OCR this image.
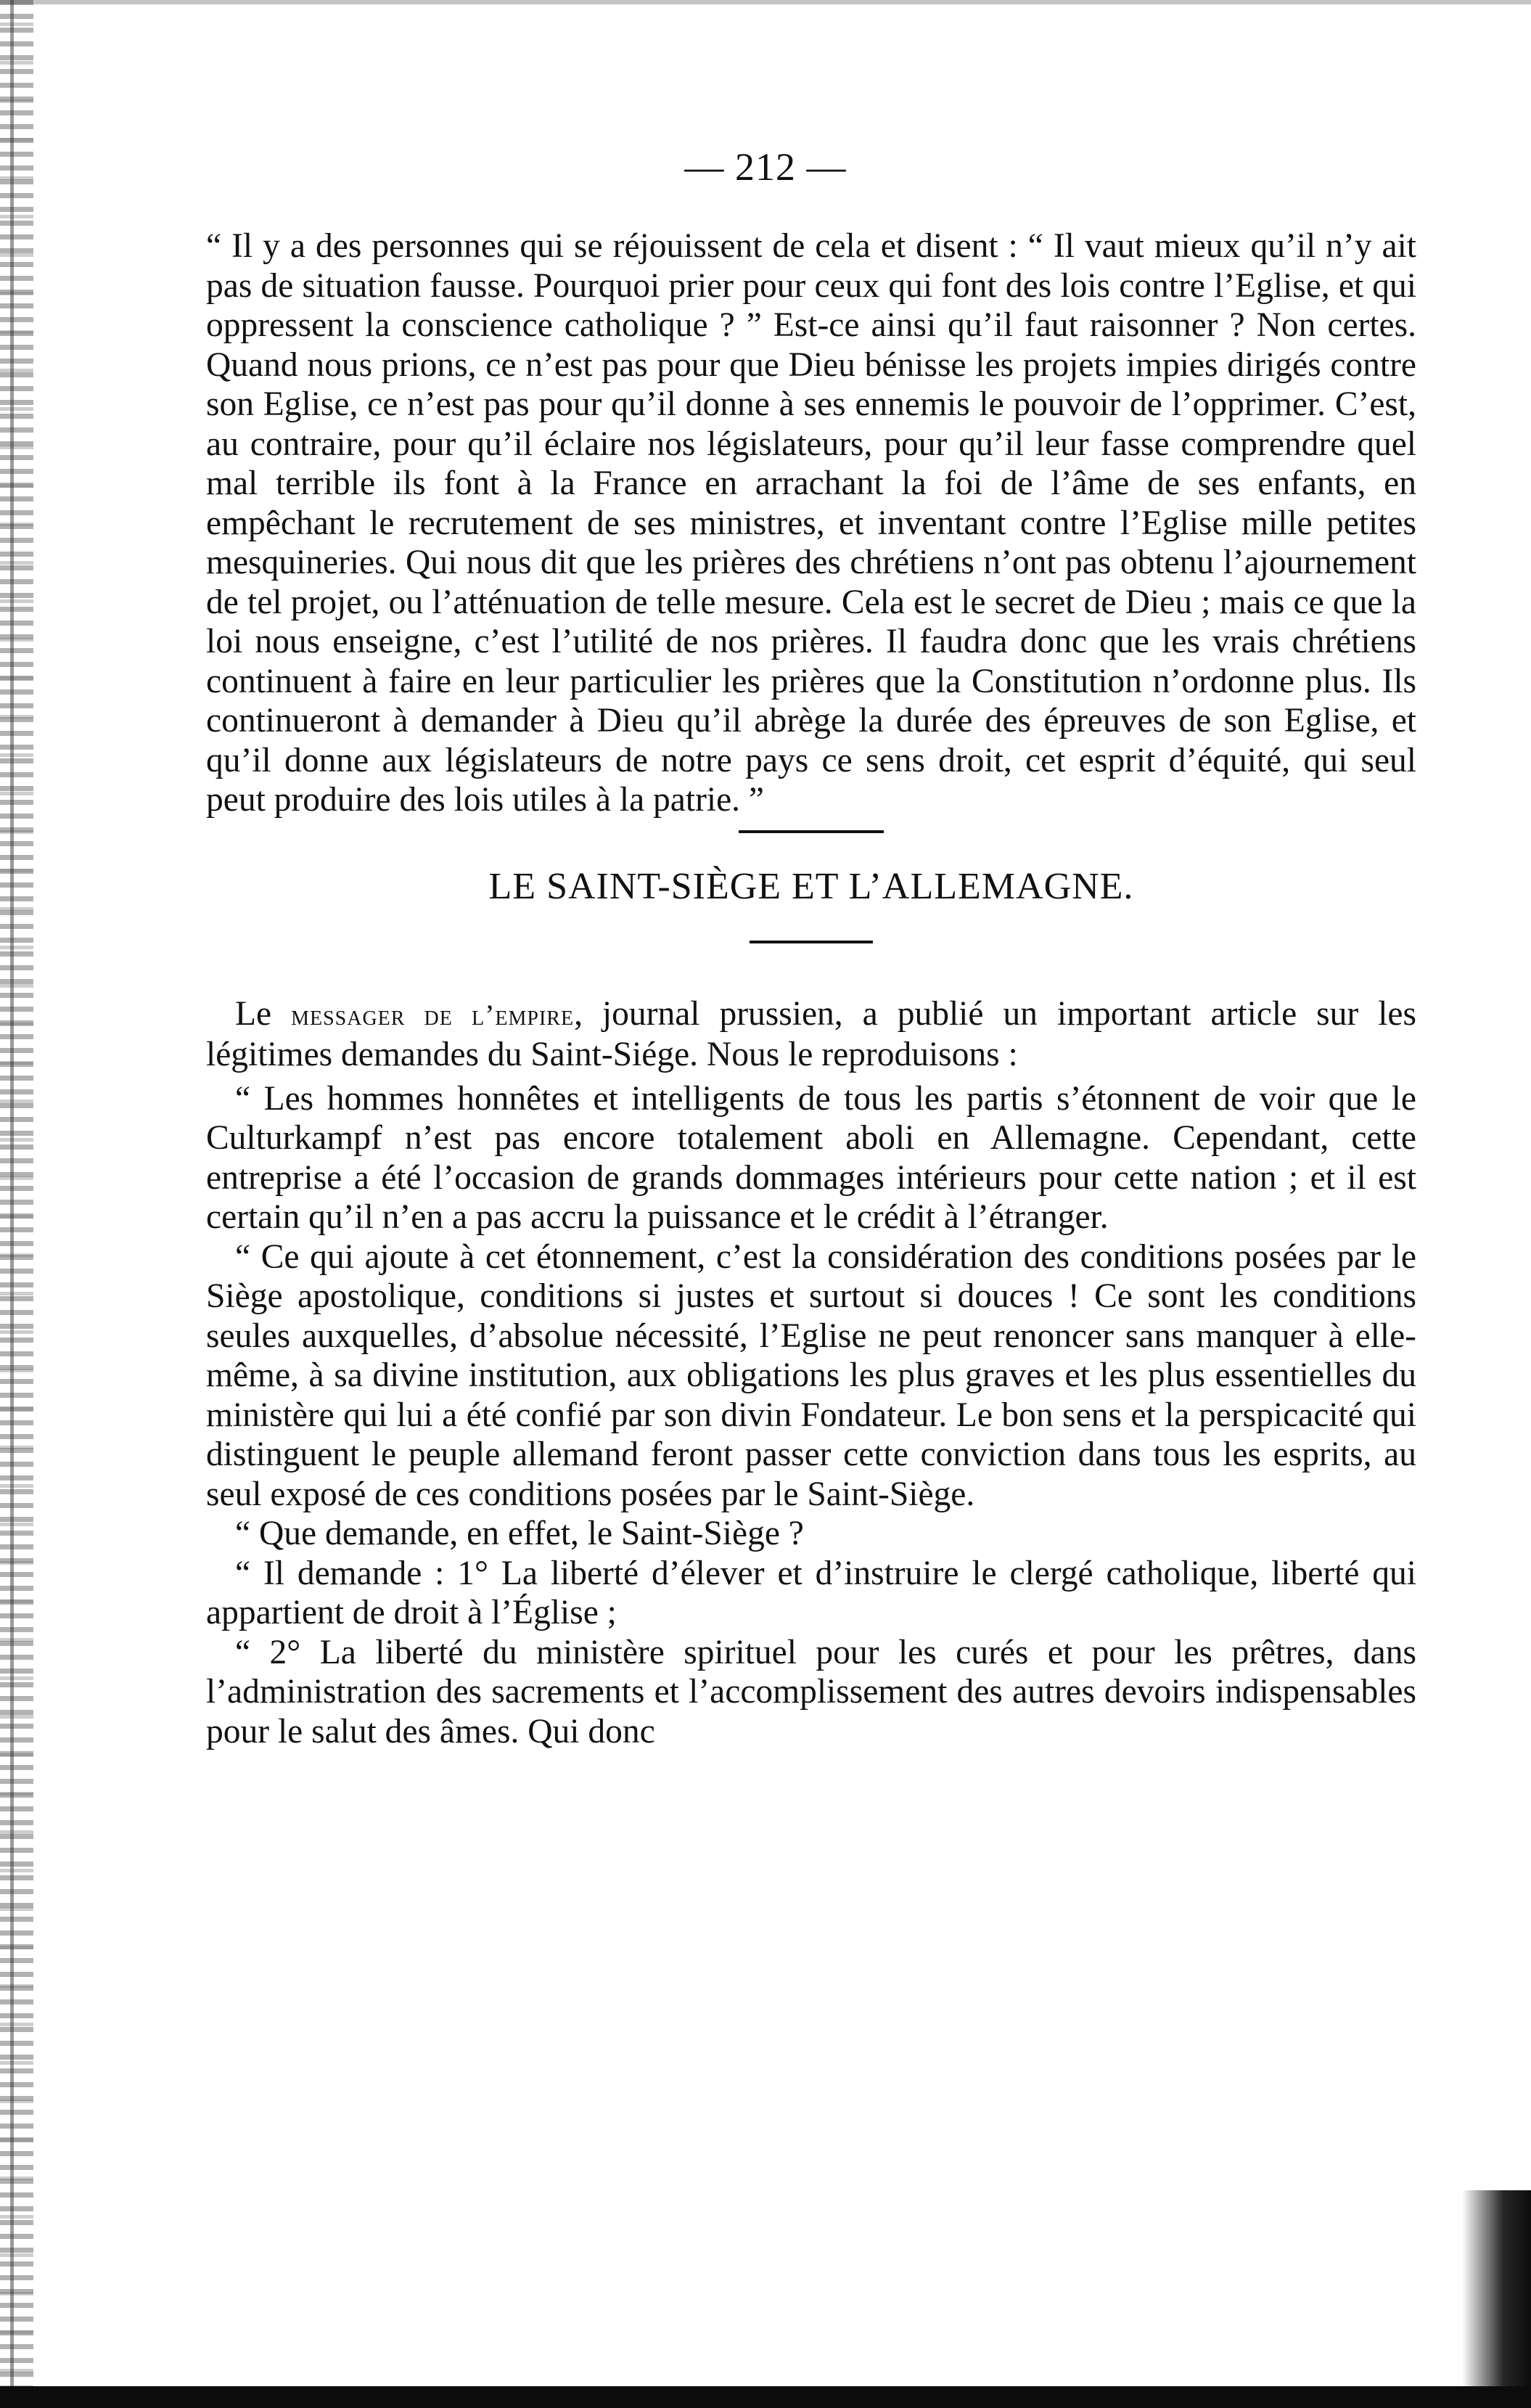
— 212 —

“ Il y a des personnes qui se réjouissent de cela et disent : “ Il vaut mieux qu’il n’y ait pas de situation fausse. Pourquoi prier pour ceux qui font des lois contre l’Eglise, et qui oppressent la conscience catholique ? ” Est-ce ainsi qu’il faut raisonner ? Non certes. Quand nous prions, ce n’est pas pour que Dieu bénisse les projets impies dirigés contre son Eglise, ce n’est pas pour qu’il donne à ses ennemis le pouvoir de l’opprimer. C’est, au contraire, pour qu’il éclaire nos législateurs, pour qu’il leur fasse comprendre quel mal terrible ils font à la France en arrachant la foi de l’âme de ses enfants, en empêchant le recrutement de ses ministres, et inventant contre l’Eglise mille petites mesquineries. Qui nous dit que les prières des chrétiens n’ont pas obtenu l’ajournement de tel projet, ou l’atténuation de telle mesure. Cela est le secret de Dieu ; mais ce que la loi nous enseigne, c’est l’utilité de nos prières. Il faudra donc que les vrais chrétiens continuent à faire en leur particulier les prières que la Constitution n’ordonne plus. Ils continueront à demander à Dieu qu’il abrège la durée des épreuves de son Eglise, et qu’il donne aux législateurs de notre pays ce sens droit, cet esprit d’équité, qui seul peut produire des lois utiles à la patrie. ”

LE SAINT-SIÈGE ET L’ALLEMAGNE.

Le messager de l’empire, journal prussien, a publié un important article sur les légitimes demandes du Saint-Siége. Nous le reproduisons :

“ Les hommes honnêtes et intelligents de tous les partis s’étonnent de voir que le Culturkampf n’est pas encore totalement aboli en Allemagne. Cependant, cette entreprise a été l’occasion de grands dommages intérieurs pour cette nation ; et il est certain qu’il n’en a pas accru la puissance et le crédit à l’étranger.

“ Ce qui ajoute à cet étonnement, c’est la considération des conditions posées par le Siège apostolique, conditions si justes et surtout si douces ! Ce sont les conditions seules auxquelles, d’absolue nécessité, l’Eglise ne peut renoncer sans manquer à elle-même, à sa divine institution, aux obligations les plus graves et les plus essentielles du ministère qui lui a été confié par son divin Fondateur. Le bon sens et la perspicacité qui distinguent le peuple allemand feront passer cette conviction dans tous les esprits, au seul exposé de ces conditions posées par le Saint-Siège.

“ Que demande, en effet, le Saint-Siège ?

“ Il demande : 1° La liberté d’élever et d’instruire le clergé catholique, liberté qui appartient de droit à l’Église ;

“ 2° La liberté du ministère spirituel pour les curés et pour les prêtres, dans l’administration des sacrements et l’accomplissement des autres devoirs indispensables pour le salut des âmes. Qui donc
